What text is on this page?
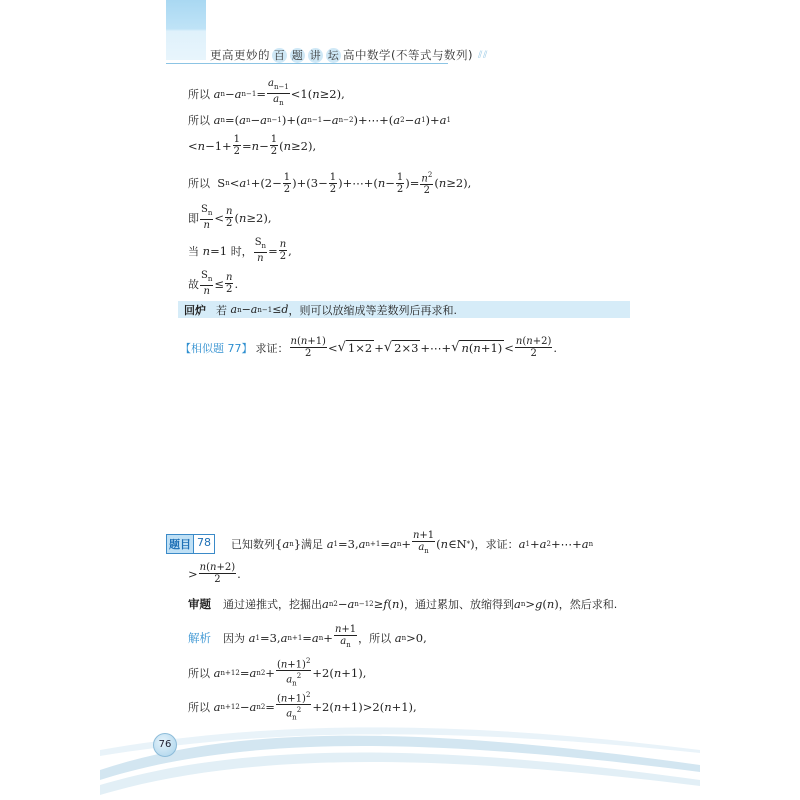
更高更妙的 百 题 讲 坛 高中数学(不等式与数列) ⫽⫽
所以
a n − a $n-1 = \frac{a_{n-1}}{a_n} <1$( n ≥2),
所以
a n =( a n − a n−1 )+( a n−1 − a n−2 )+⋯+( a 2 − a 1 )+ a 1
< $n -1+ \frac{1}{2} = n - \frac{1}{2}$ ( n ≥2),
所以 S n < a $1 +(2- \frac{1}{2} )+(3- \frac{1}{2}$ )+⋯+( $n - \frac{1}{2}$ )= $\frac{n^2}{2}$ ( n ≥2),
即 $\frac{S_n}{n} < \frac{n}{2}$ ( n ≥2),
当
n =1 时， $\frac{S_n}{n} = \frac{n}{2}$ ,
故 $\frac{S_n}{n} \le \frac{n}{2}$ .
回炉 若
a n − a n−1 ≤ d ，则可以放缩成等差数列后再求和.
【相似题 77】 求证： $\frac{n(n+1)}{2}$ < √ 1×2 + √ 2×3 +⋯+ √ $n(n+1) < \frac{n(n+2)}{2}$ .
题目 78 已知数列 { a n } 满足
a 1 =3, a n+1 = a $n + \frac{n+1}{a_n}$ ( n ∈N * ) ，求证： a 1 + a 2 +⋯+ a n
> $\frac{n(n+2)}{2}$ .
审题 通过递推式，挖掘出 a n 2 − a n−1 2 ≥ f ( n ) ，通过累加、放缩得到 a n > g ( n ) ，然后求和.
解析 因为
a 1 =3, a n+1 = a $n + \frac{n+1}{a_n}$ ，所以
a n >0,
所以
a n+1 2 = a n $2 + \frac{(n+1)^2}{a_n^2} +2$( n +1),
所以
a n+1 2 − a n $2 = \frac{(n+1)^2}{a_n^2} +2$( n +1)>2( n +1),
76
